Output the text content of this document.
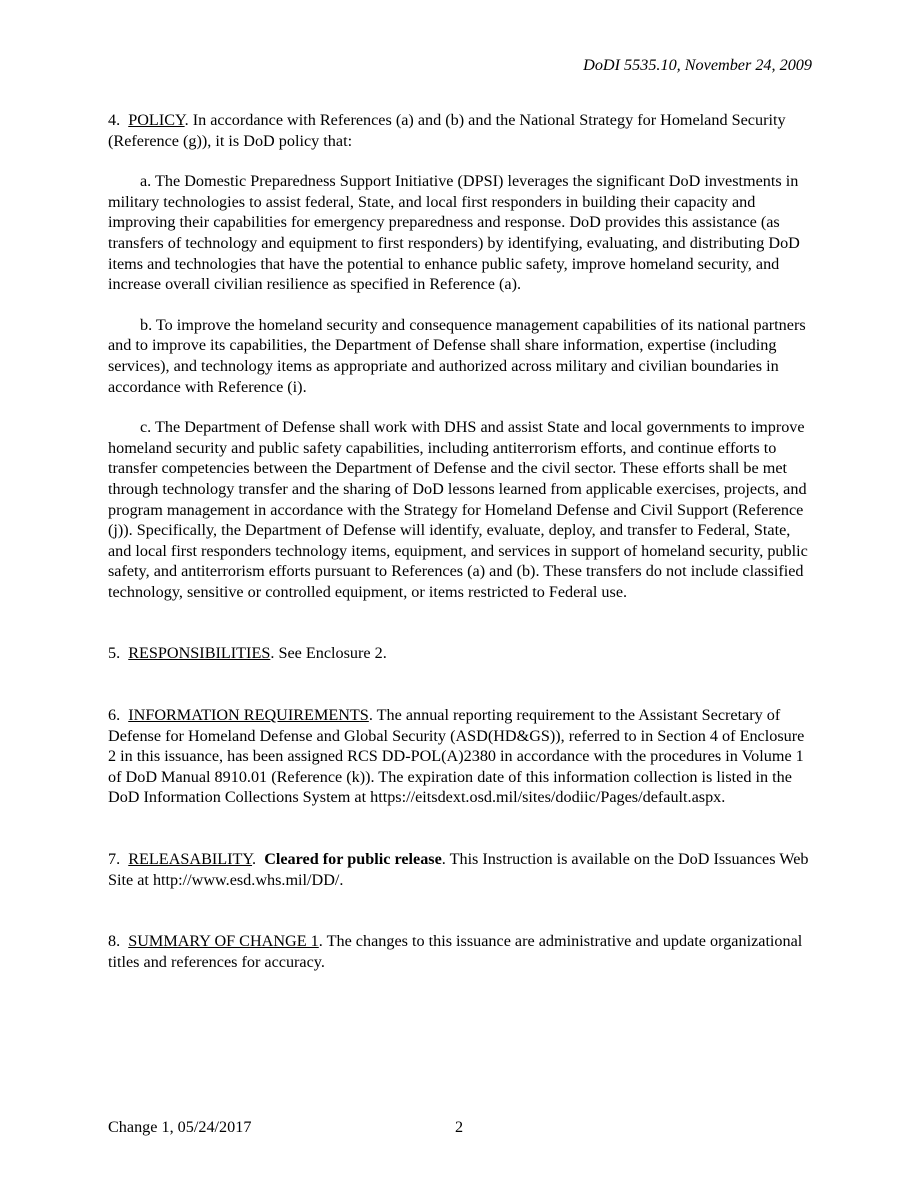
DoDI 5535.10, November 24, 2009

4. POLICY. In accordance with References (a) and (b) and the National Strategy for Homeland Security (Reference (g)), it is DoD policy that:

a. The Domestic Preparedness Support Initiative (DPSI) leverages the significant DoD investments in military technologies to assist federal, State, and local first responders in building their capacity and improving their capabilities for emergency preparedness and response. DoD provides this assistance (as transfers of technology and equipment to first responders) by identifying, evaluating, and distributing DoD items and technologies that have the potential to enhance public safety, improve homeland security, and increase overall civilian resilience as specified in Reference (a).

b. To improve the homeland security and consequence management capabilities of its national partners and to improve its capabilities, the Department of Defense shall share information, expertise (including services), and technology items as appropriate and authorized across military and civilian boundaries in accordance with Reference (i).

c. The Department of Defense shall work with DHS and assist State and local governments to improve homeland security and public safety capabilities, including antiterrorism efforts, and continue efforts to transfer competencies between the Department of Defense and the civil sector. These efforts shall be met through technology transfer and the sharing of DoD lessons learned from applicable exercises, projects, and program management in accordance with the Strategy for Homeland Defense and Civil Support (Reference (j)). Specifically, the Department of Defense will identify, evaluate, deploy, and transfer to Federal, State, and local first responders technology items, equipment, and services in support of homeland security, public safety, and antiterrorism efforts pursuant to References (a) and (b). These transfers do not include classified technology, sensitive or controlled equipment, or items restricted to Federal use.

5. RESPONSIBILITIES. See Enclosure 2.

6. INFORMATION REQUIREMENTS. The annual reporting requirement to the Assistant Secretary of Defense for Homeland Defense and Global Security (ASD(HD&GS)), referred to in Section 4 of Enclosure 2 in this issuance, has been assigned RCS DD-POL(A)2380 in accordance with the procedures in Volume 1 of DoD Manual 8910.01 (Reference (k)). The expiration date of this information collection is listed in the DoD Information Collections System at https://eitsdext.osd.mil/sites/dodiic/Pages/default.aspx.

7. RELEASABILITY.  Cleared for public release. This Instruction is available on the DoD Issuances Web Site at http://www.esd.whs.mil/DD/.

8. SUMMARY OF CHANGE 1. The changes to this issuance are administrative and update organizational titles and references for accuracy.

Change 1, 05/24/2017	2
